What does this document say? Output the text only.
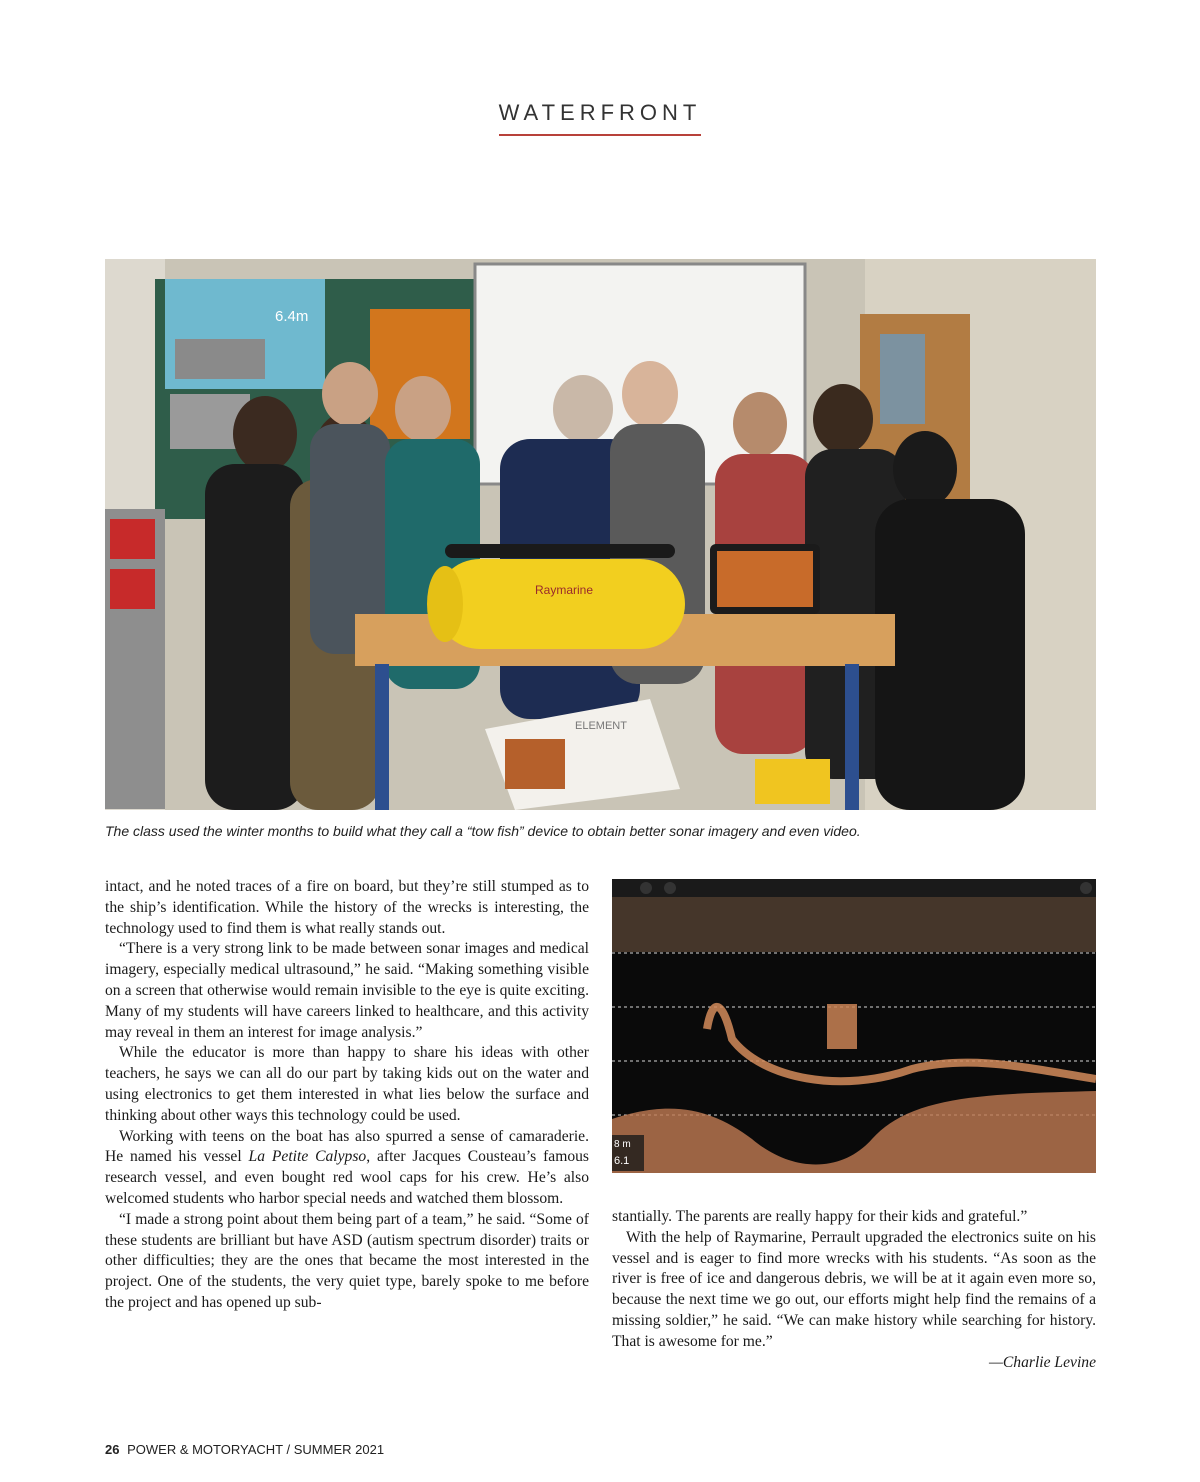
WATERFRONT
6.4m
Raymarine
ELEMENT
The class used the winter months to build what they call a “tow fish” device to obtain better sonar imagery and even video.

intact, and he noted traces of a fire on board, but they’re still stumped as to the ship’s identification. While the history of the wrecks is interesting, the technology used to find them is what really stands out.

“There is a very strong link to be made between sonar images and medical imagery, especially medical ultrasound,” he said. “Making something visible on a screen that otherwise would remain invisible to the eye is quite exciting. Many of my students will have careers linked to healthcare, and this activity may reveal in them an interest for image analysis.”

While the educator is more than happy to share his ideas with other teachers, he says we can all do our part by taking kids out on the water and using electronics to get them interested in what lies below the surface and thinking about other ways this technology could be used.

Working with teens on the boat has also spurred a sense of camaraderie. He named his vessel La Petite Calypso, after Jacques Cousteau’s famous research vessel, and even bought red wool caps for his crew. He’s also welcomed students who harbor special needs and watched them blossom.

“I made a strong point about them being part of a team,” he said. “Some of these students are brilliant but have ASD (autism spectrum disorder) traits or other difficulties; they are the ones that became the most interested in the project. One of the students, the very quiet type, barely spoke to me before the project and has opened up sub-

8 m
6.1

stantially. The parents are really happy for their kids and grateful.”

With the help of Raymarine, Perrault upgraded the electronics suite on his vessel and is eager to find more wrecks with his students. “As soon as the river is free of ice and dangerous debris, we will be at it again even more so, because the next time we go out, our efforts might help find the remains of a missing soldier,” he said. “We can make history while searching for history. That is awesome for me.”

—Charlie Levine
26 POWER & MOTORYACHT / SUMMER 2021
